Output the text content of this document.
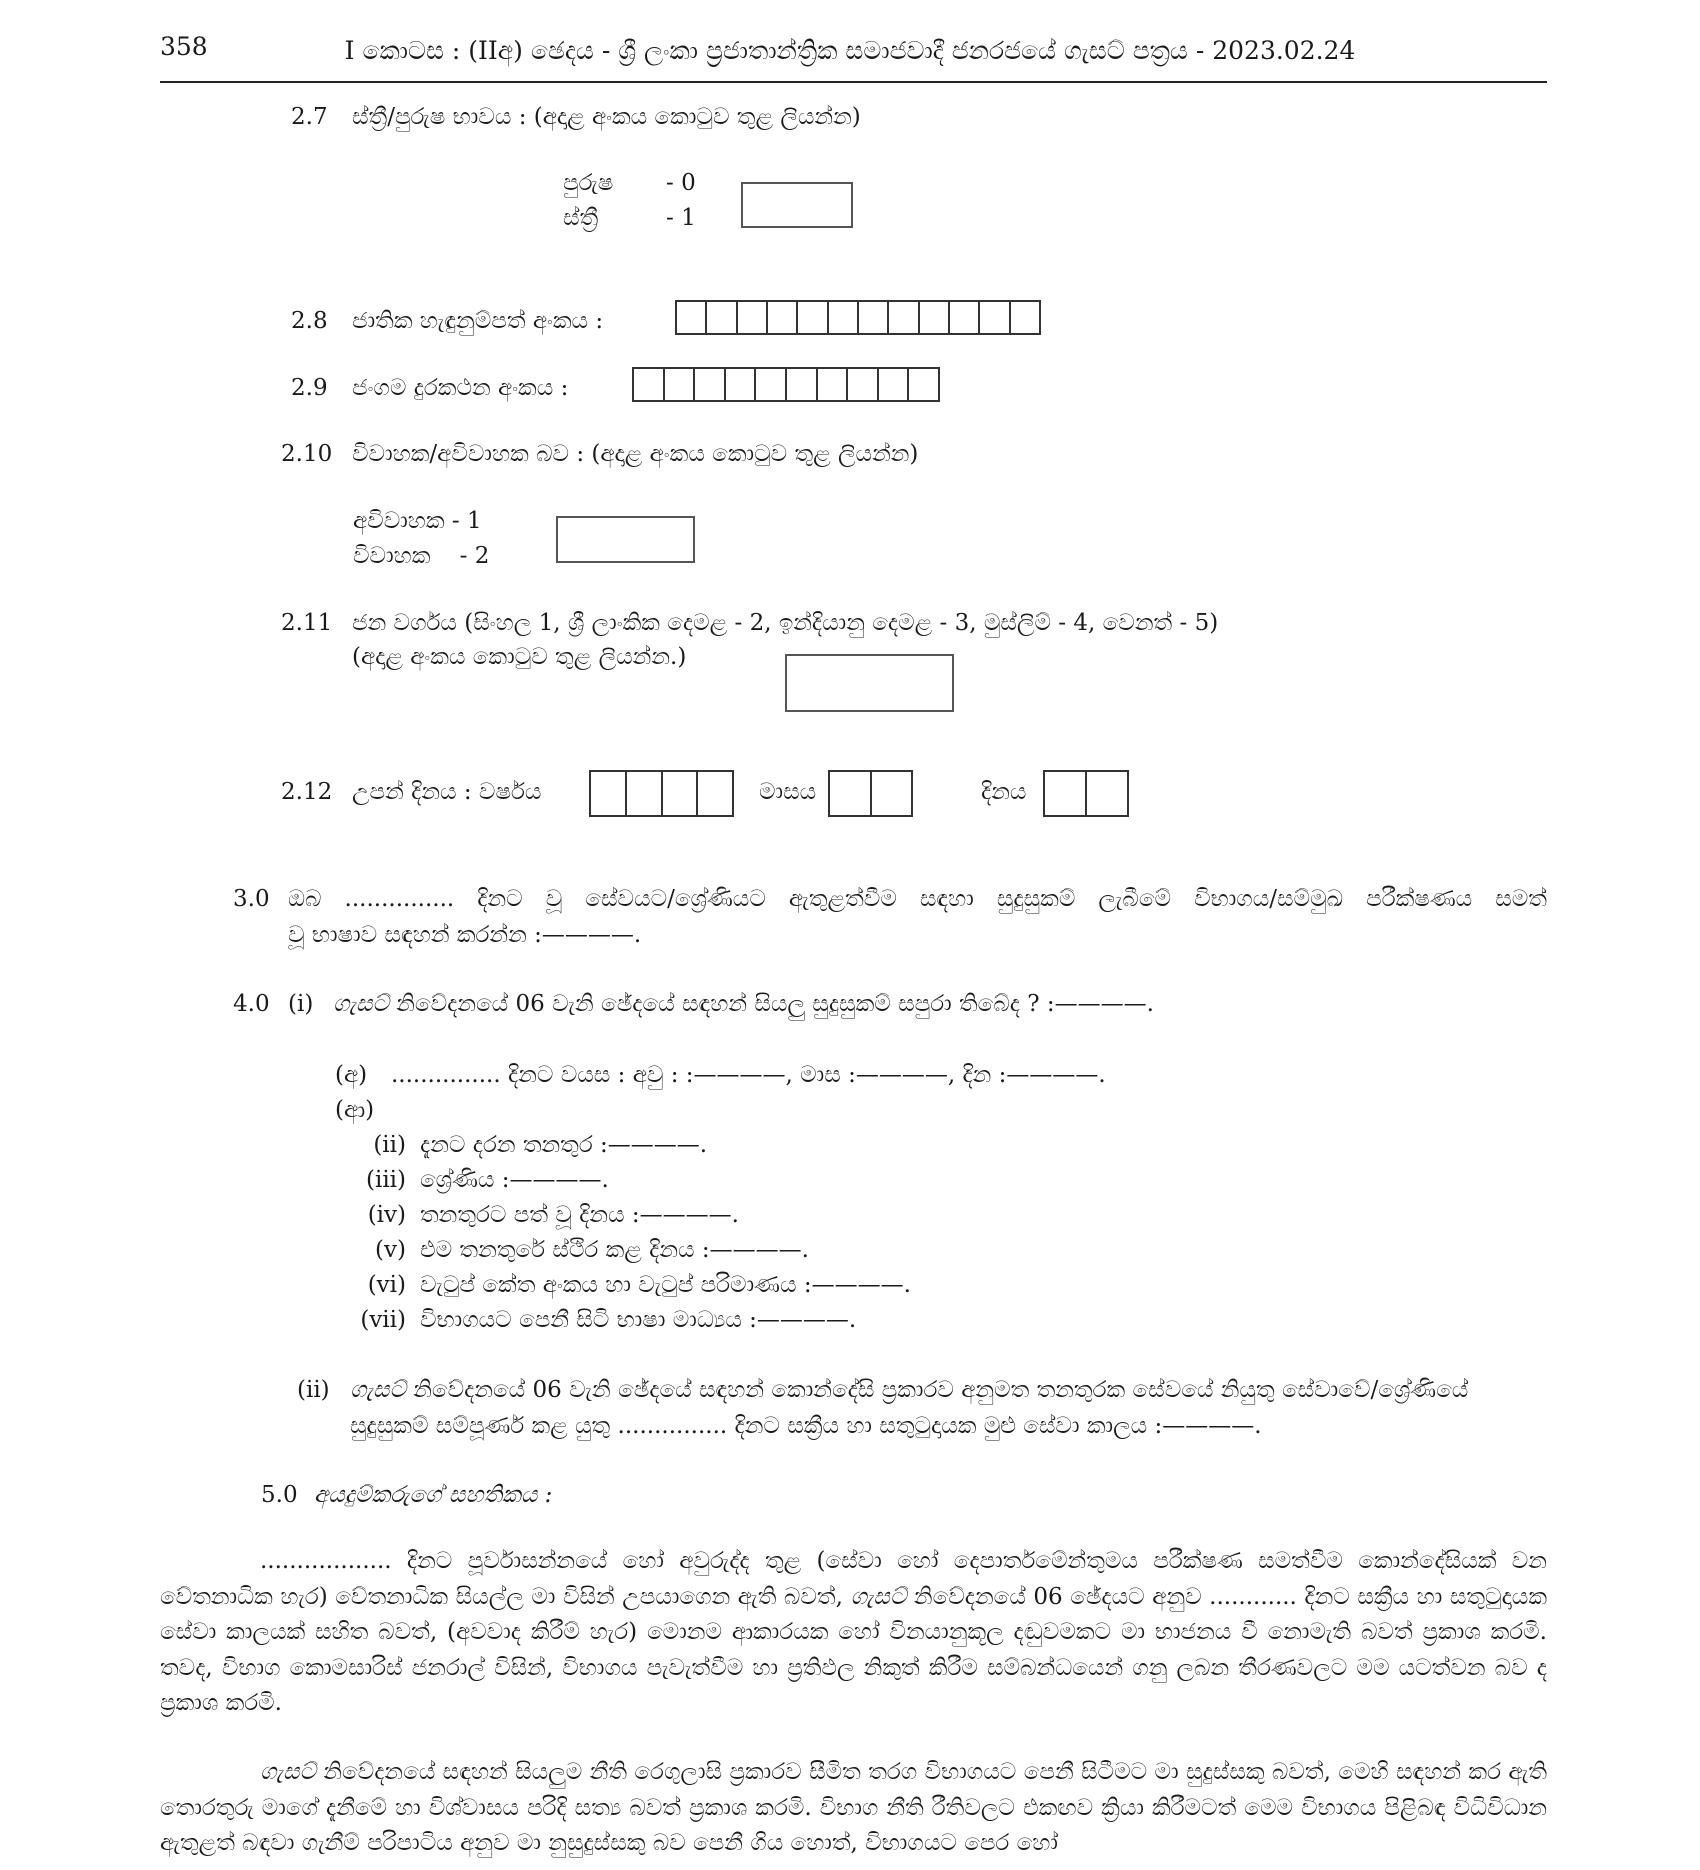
358	I කොටස : (IIඅ) ඡෙදය - ශ්‍රී ලංකා ප්‍රජාතාන්ත්‍රික සමාජවාදී ජනරජයේ ගැසට් පත්‍රය - 2023.02.24
2.7 ස්ත්‍රී/පුරුෂ භාවය : (අදාළ අංකය කොටුව තුළ ලියන්න)
පුරුෂ - 0
ස්ත්‍රී	- 1
2.8 ජාතික හැඳුනුම්පත් අංකය :
2.9 ජංගම දුරකථන අංකය :
2.10 විවාහක/අවිවාහක බව : (අදාළ අංකය කොටුව තුළ ලියන්න)
අවිවාහක - 1
විවාහක    - 2
2.11 ජන වර්ගය (සිංහල 1, ශ්‍රී ලාංකික දෙමළ - 2, ඉන්දියානු දෙමළ - 3, මුස්ලිම් - 4, වෙනත් - 5)
(අදාළ අංකය කොටුව තුළ ලියන්න.)
2.12 උපන් දිනය : වර්ෂය	මාසය	දිනය
3.0 ඔබ ............... දිනට වූ සේවයට/ශ්‍රේණියට ඇතුළත්වීම සඳහා සුදුසුකම් ලැබීමේ විභාගය/සම්මුඛ පරීක්ෂණය සමත්
වූ භාෂාව සඳහන් කරන්න :————.
4.0 (i) ගැසට් නිවේදනයේ 06 වැනි ඡේදයේ සඳහන් සියලු සුදුසුකම් සපුරා තිබේද ? :————.
(අ) ............... දිනට වයස : අවු : :————, මාස :————, දින :————.
(ආ)
(ii) දැනට දරන තනතුර :————.
(iii) ශ්‍රේණිය :————.
(iv) තනතුරට පත් වූ දිනය :————.
(v) එම තනතුරේ ස්ථිර කළ දිනය :————.
(vi) වැටුප් කේත අංකය හා වැටුප් පරිමාණය :————.
(vii) විභාගයට පෙනී සිටි භාෂා මාධ්‍යය :————.
(ii) ගැසට් නිවේදනයේ 06 වැනි ඡේදයේ සඳහන් කොන්දේසි ප්‍රකාරව අනුමත තනතුරක සේවයේ නියුතු සේවාවේ/ශ්‍රේණියේ
සුදුසුකම් සම්පූර්ණ කළ යුතු ............... දිනට සක්‍රීය හා සතුටුදායක මුළු සේවා කාලය :————.
5.0 අයදුම්කරුගේ සහතිකය :
.................. දිනට පූර්වාසන්නයේ හෝ අවුරුද්ද තුළ (සේවා හෝ දෙපාර්තමේන්තුමය පරීක්ෂණ සමත්වීම කොන්දේසියක් වන වේතනාධික හැර) වේතනාධික සියල්ල මා විසින් උපයාගෙන ඇති බවත්, ගැසට් නිවේදනයේ 06 ඡේදයට අනුව ............ දිනට සක්‍රීය හා සතුටුදායක සේවා කාලයක් සහිත බවත්, (අවවාද කිරීම් හැර) මොනම ආකාරයක හෝ විනයානුකූල දඬුවමකට මා භාජනය වී නොමැති බවත් ප්‍රකාශ කරමි. තවද, විභාග කොමසාරිස් ජනරාල් විසින්, විභාගය පැවැත්වීම හා ප්‍රතිඵල නිකුත් කිරීම සම්බන්ධයෙන් ගනු ලබන තීරණවලට මම යටත්වන බව ද ප්‍රකාශ කරමි.
ගැසට් නිවේදනයේ සඳහන් සියලුම නීති රෙගුලාසි ප්‍රකාරව සීමිත තරග විභාගයට පෙනී සිටීමට මා සුදුස්සකු බවත්, මෙහි සඳහන් කර ඇති තොරතුරු මාගේ දැනීමේ හා විශ්වාසය පරිදි සත්‍ය බවත් ප්‍රකාශ කරමි. විභාග නීති රීතිවලට එකඟව ක්‍රියා කිරීමටත් මෙම විභාගය පිළිබඳ විධිවිධාන ඇතුළත් බඳවා ගැනීම් පරිපාටිය අනුව මා නුසුදුස්සකු බව පෙනී ගිය හොත්, විභාගයට පෙර හෝ
